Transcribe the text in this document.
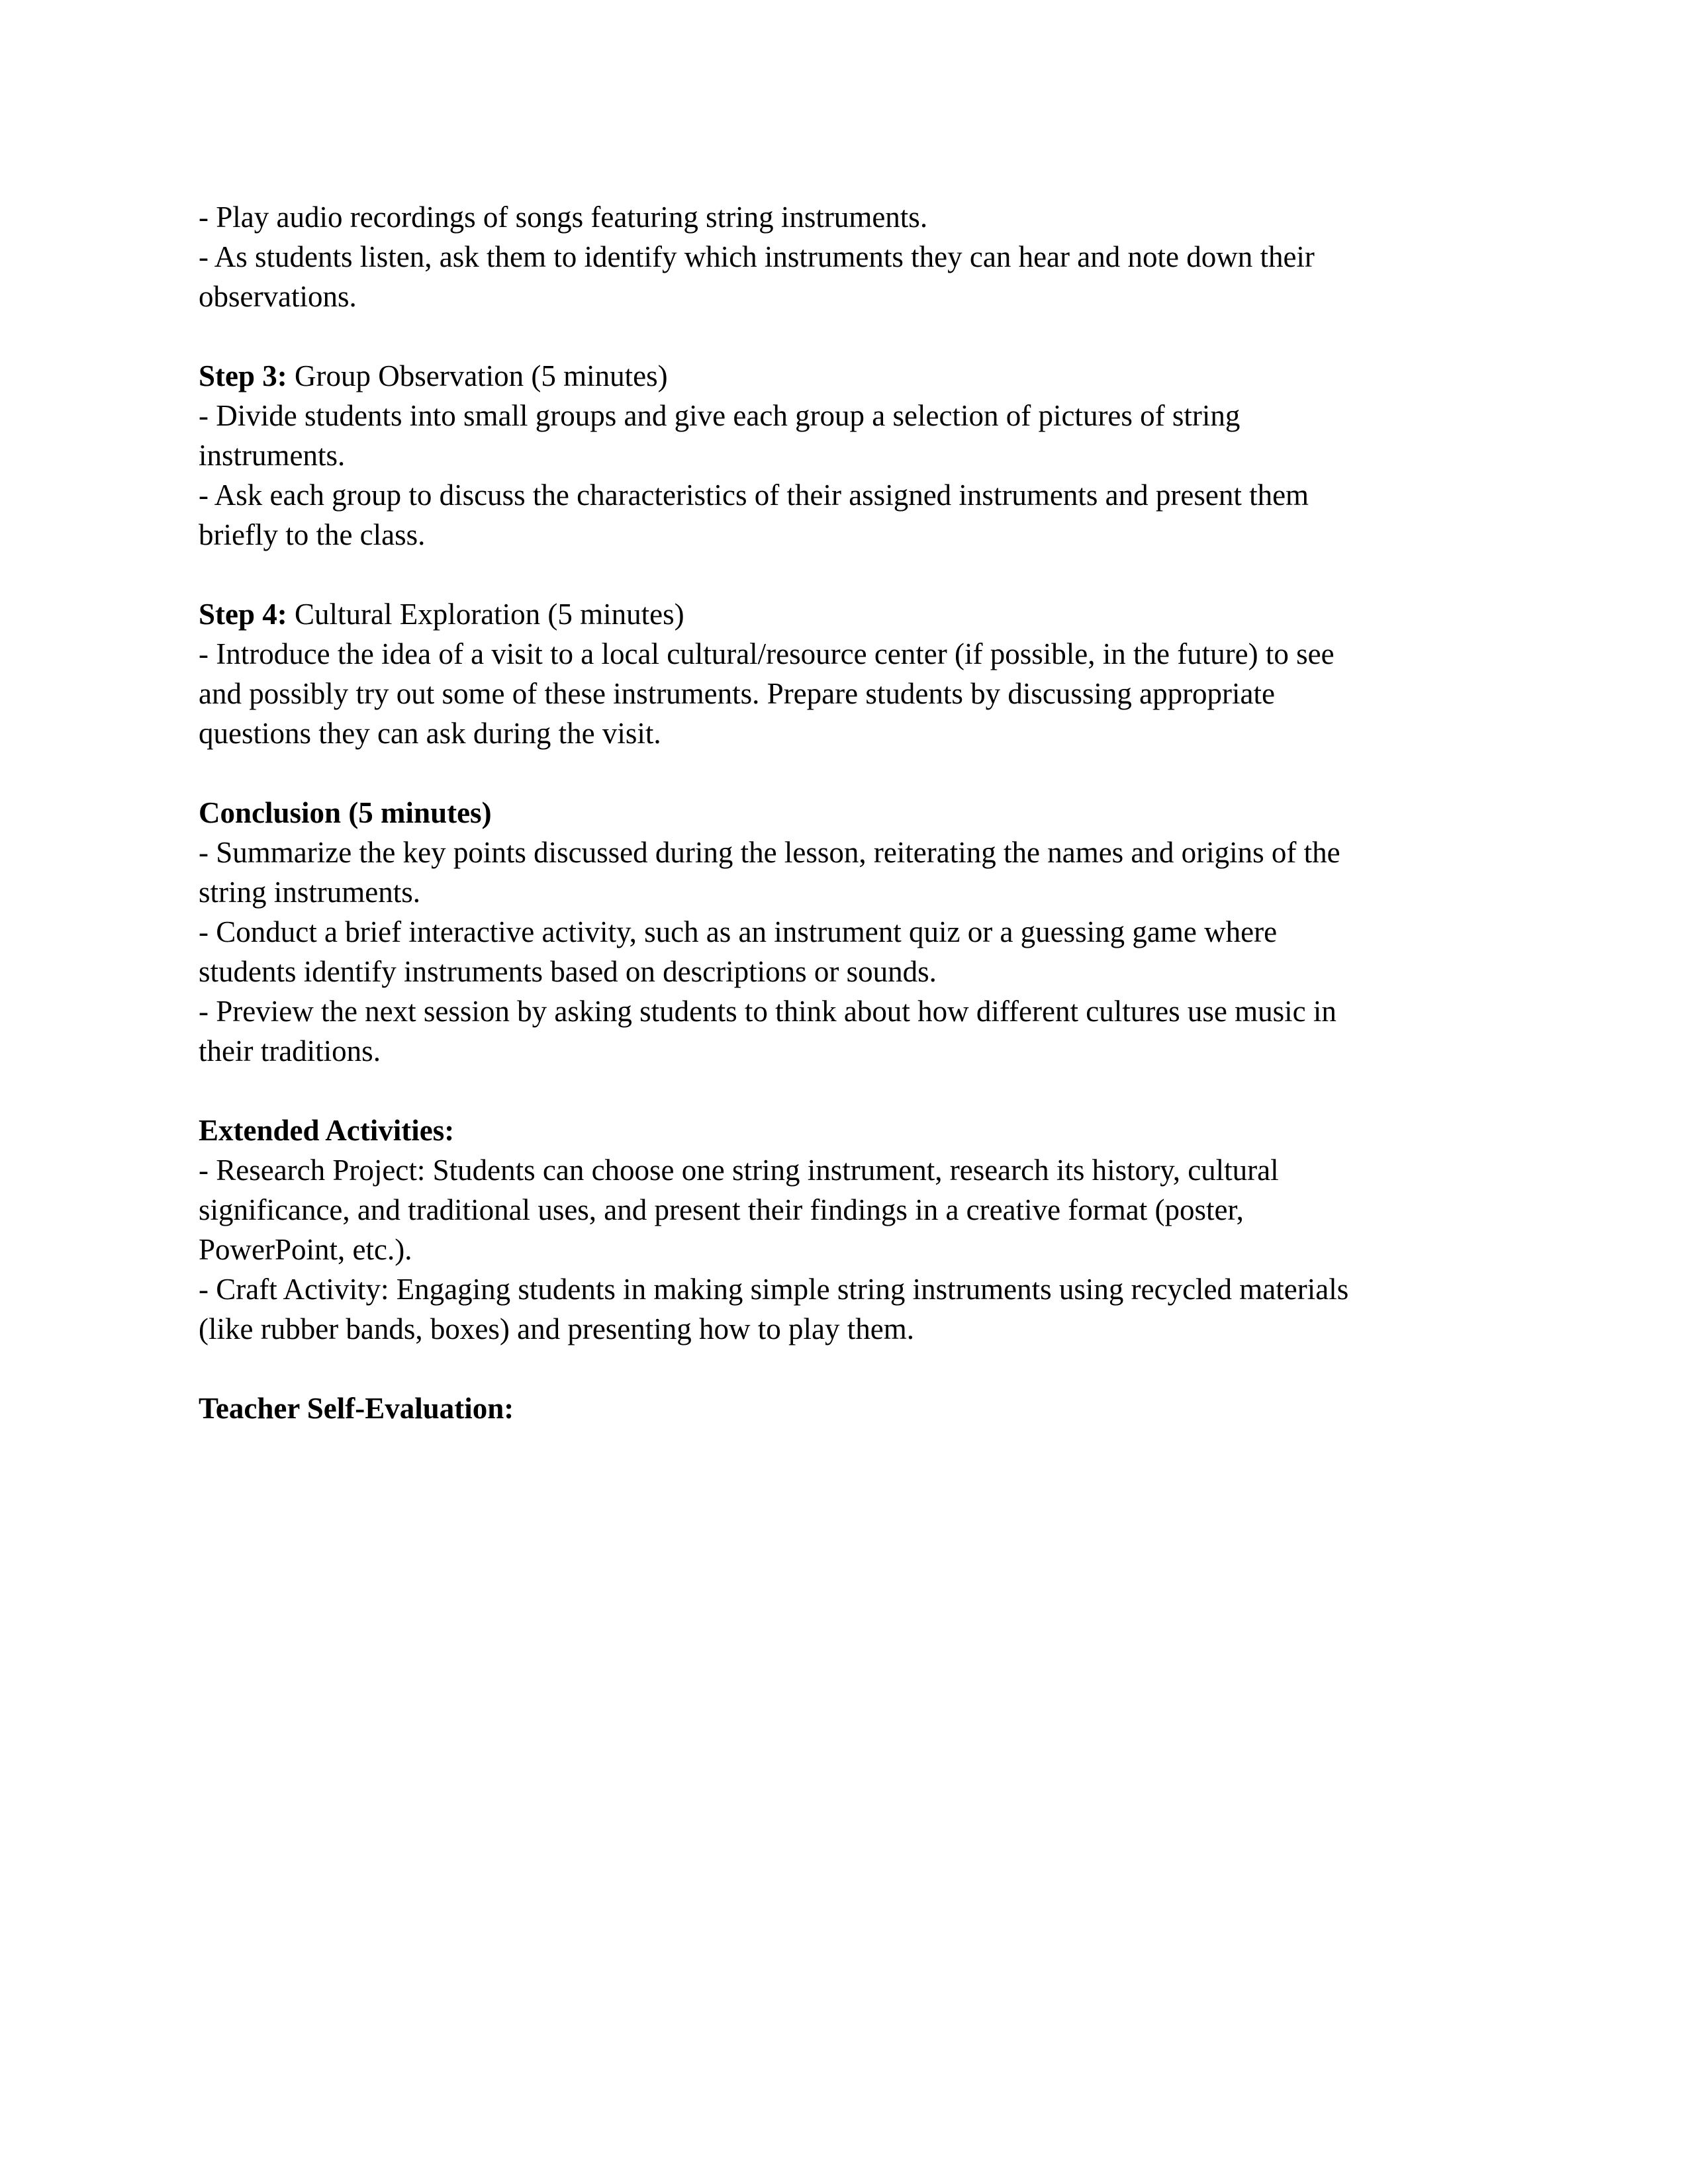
- Play audio recordings of songs featuring string instruments.
- As students listen, ask them to identify which instruments they can hear and note down their
observations.

Step 3: Group Observation (5 minutes)
- Divide students into small groups and give each group a selection of pictures of string
instruments.
- Ask each group to discuss the characteristics of their assigned instruments and present them
briefly to the class.

Step 4: Cultural Exploration (5 minutes)
- Introduce the idea of a visit to a local cultural/resource center (if possible, in the future) to see
and possibly try out some of these instruments. Prepare students by discussing appropriate
questions they can ask during the visit.

Conclusion (5 minutes)
- Summarize the key points discussed during the lesson, reiterating the names and origins of the
string instruments.
- Conduct a brief interactive activity, such as an instrument quiz or a guessing game where
students identify instruments based on descriptions or sounds.
- Preview the next session by asking students to think about how different cultures use music in
their traditions.

Extended Activities:
- Research Project: Students can choose one string instrument, research its history, cultural
significance, and traditional uses, and present their findings in a creative format (poster,
PowerPoint, etc.).
- Craft Activity: Engaging students in making simple string instruments using recycled materials
(like rubber bands, boxes) and presenting how to play them.

Teacher Self-Evaluation:
